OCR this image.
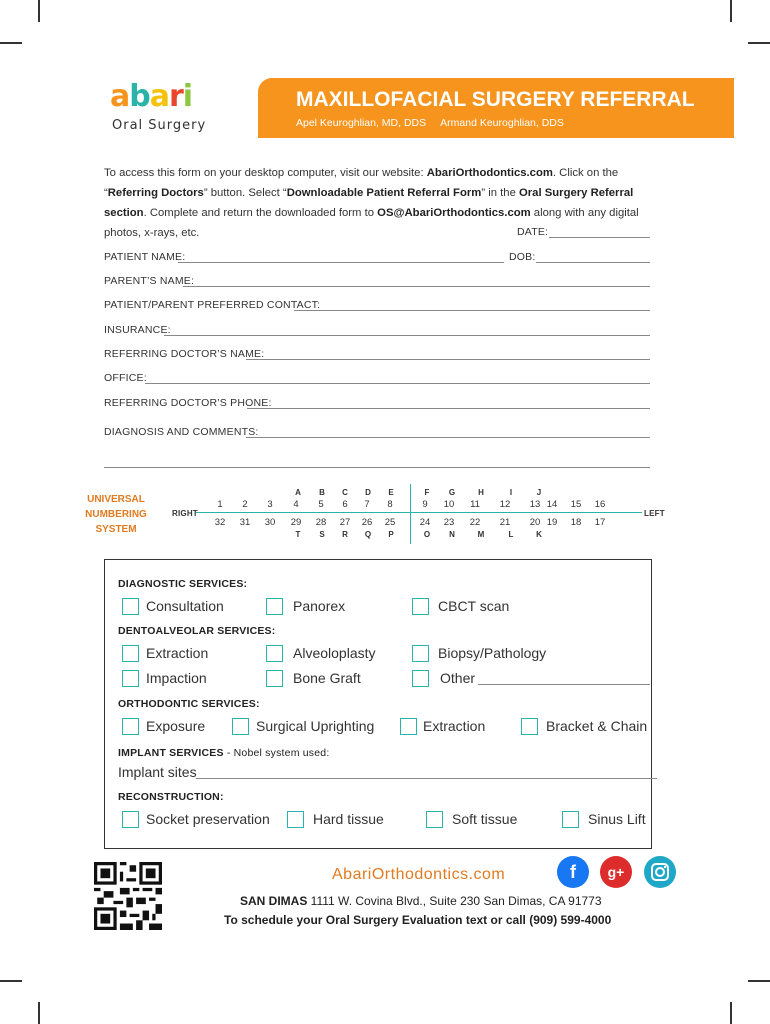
abari
Oral Surgery
MAXILLOFACIAL SURGERY REFERRAL
Apel Keuroghlian, MD, DDS     Armand Keuroghlian, DDS
To access this form on your desktop computer, visit our website: AbariOrthodontics.com. Click on the “Referring Doctors” button. Select “Downloadable Patient Referral Form” in the Oral Surgery Referral section. Complete and return the downloaded form to OS@AbariOrthodontics.com along with any digital photos, x-rays, etc.	DATE:
PATIENT NAME:	DOB:
PARENT’S NAME:
PATIENT/PARENT PREFERRED CONTACT:
INSURANCE:
REFERRING DOCTOR’S NAME:
OFFICE:
REFERRING DOCTOR’S PHONE:
DIAGNOSIS AND COMMENTS:
UNIVERSAL NUMBERING SYSTEM
RIGHT	LEFT
A	B	C	D	E	F	G	H	I	J
1	2	3	4	5	6	7	8	9	10	11	12	13 14	15	16
32	31	30	29	28	27	26	25	24	23	22	21	20 19	18	17
T	S	R	Q	P	O	N	M	L	K
DIAGNOSTIC SERVICES:
Consultation	Panorex	CBCT scan
DENTOALVEOLAR SERVICES:
Extraction	Alveoloplasty	Biopsy/Pathology
Impaction	Bone Graft	Other
ORTHODONTIC SERVICES:
Exposure	Surgical Uprighting	Extraction	Bracket & Chain
IMPLANT SERVICES - Nobel system used:
Implant sites
RECONSTRUCTION:
Socket preservation	Hard tissue	Soft tissue	Sinus Lift
AbariOrthodontics.com	f	g+
SAN DIMAS 1111 W. Covina Blvd., Suite 230 San Dimas, CA 91773
To schedule your Oral Surgery Evaluation text or call (909) 599-4000
